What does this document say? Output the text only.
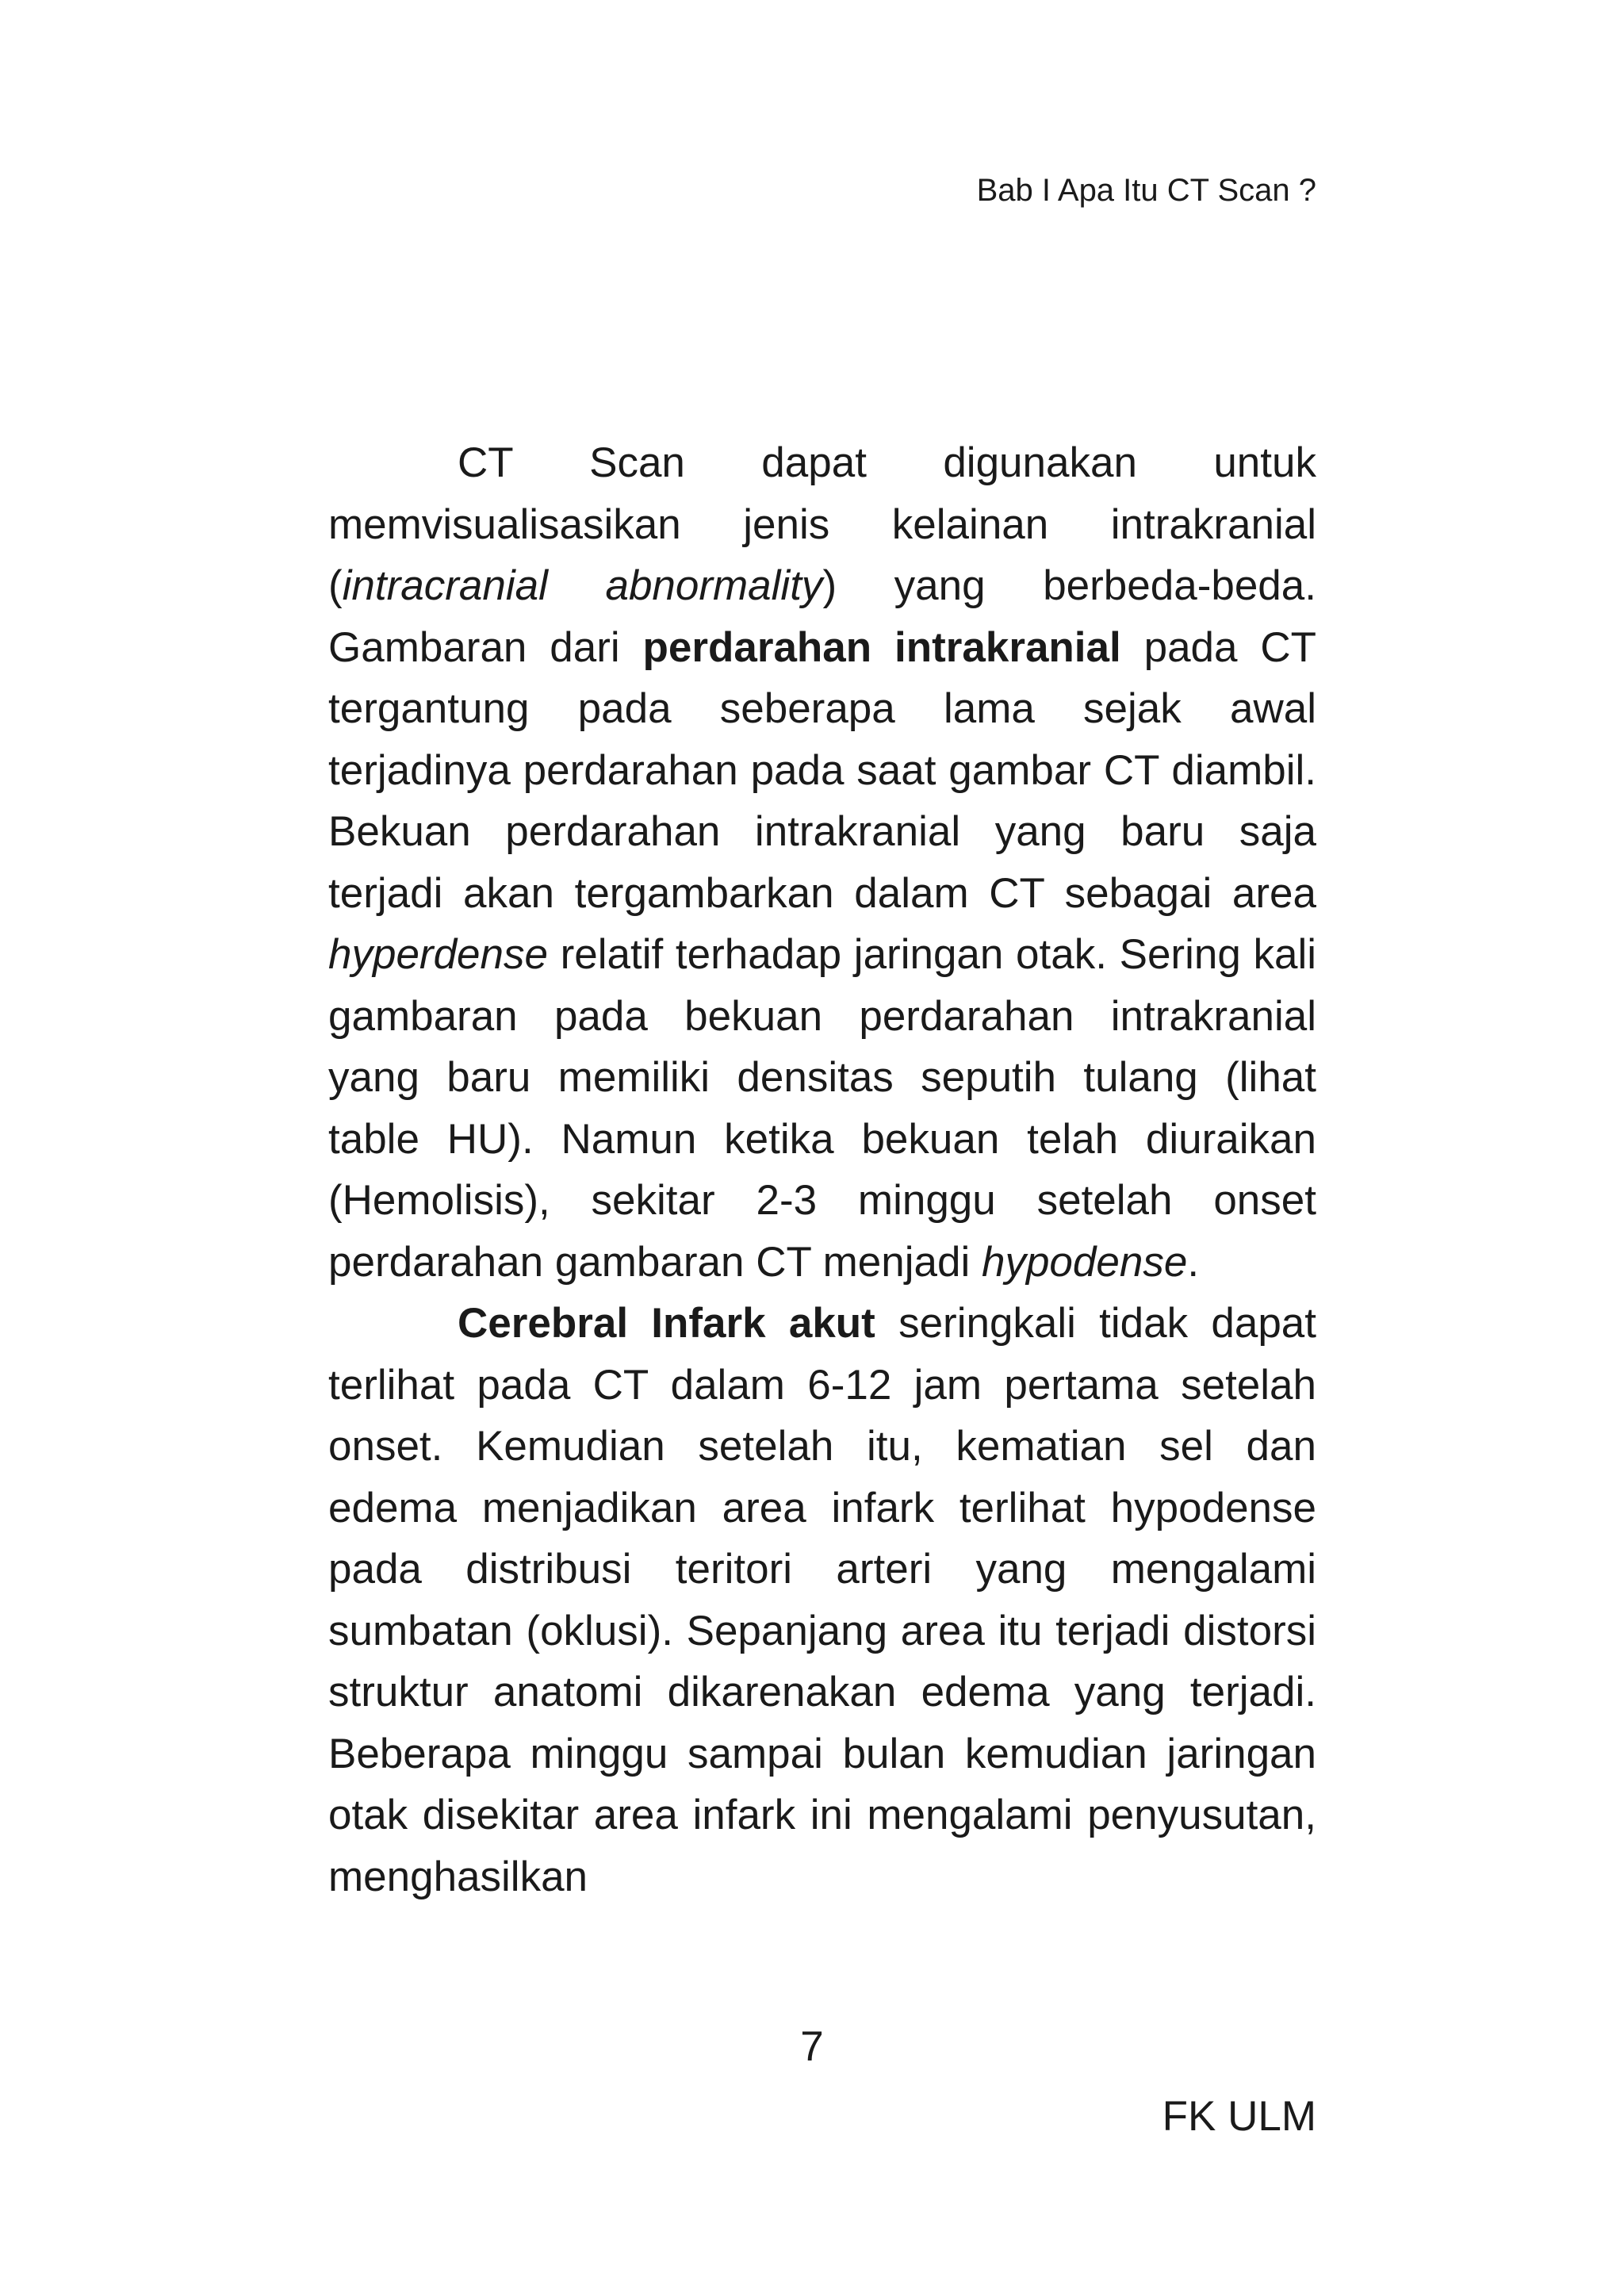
Bab I Apa Itu CT Scan ?

CT Scan dapat digunakan untuk memvisualisasikan jenis kelainan intrakranial (intracranial abnormality) yang berbeda-beda. Gambaran dari perdarahan intrakranial pada CT tergantung pada seberapa lama sejak awal terjadinya perdarahan pada saat gambar CT diambil. Bekuan perdarahan intrakranial yang baru saja terjadi akan tergambarkan dalam CT sebagai area hyperdense relatif terhadap jaringan otak. Sering kali gambaran pada bekuan perdarahan intrakranial yang baru memiliki densitas seputih tulang (lihat table HU). Namun ketika bekuan telah diuraikan (Hemolisis), sekitar 2-3 minggu setelah onset perdarahan gambaran CT menjadi hypodense.

Cerebral Infark akut seringkali tidak dapat terlihat pada CT dalam 6-12 jam pertama setelah onset. Kemudian setelah itu, kematian sel dan edema menjadikan area infark terlihat hypodense pada distribusi teritori arteri yang mengalami sumbatan (oklusi). Sepanjang area itu terjadi distorsi struktur anatomi dikarenakan edema yang terjadi. Beberapa minggu sampai bulan kemudian jaringan otak disekitar area infark ini mengalami penyusutan, menghasilkan

7
FK ULM
